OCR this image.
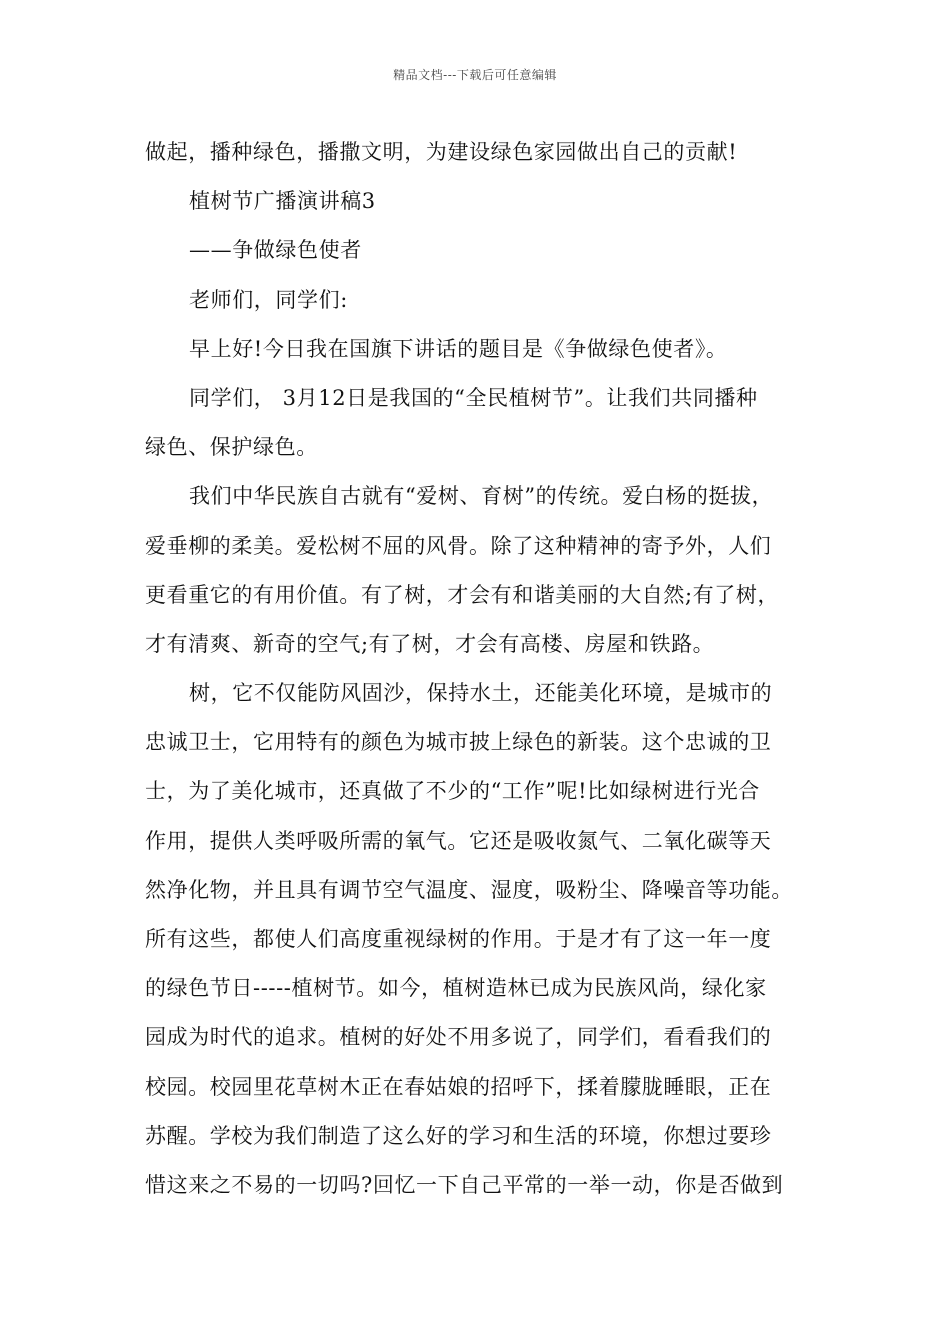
精品文档---下载后可任意编辑
做起，播种绿色，播撒文明，为建设绿色家园做出自己的贡献!
植树节广播演讲稿3
——争做绿色使者
老师们，同学们:
早上好!今日我在国旗下讲话的题目是《争做绿色使者》。
同学们， 3月12日是我国的“全民植树节”。让我们共同播种
绿色、保护绿色。
我们中华民族自古就有“爱树、育树”的传统。爱白杨的挺拔，
爱垂柳的柔美。爱松树不屈的风骨。除了这种精神的寄予外，人们
更看重它的有用价值。有了树，才会有和谐美丽的大自然;有了树，
才有清爽、新奇的空气;有了树，才会有高楼、房屋和铁路。
树，它不仅能防风固沙，保持水土，还能美化环境，是城市的
忠诚卫士，它用特有的颜色为城市披上绿色的新装。这个忠诚的卫
士，为了美化城市，还真做了不少的“工作”呢!比如绿树进行光合
作用，提供人类呼吸所需的氧气。它还是吸收氮气、二氧化碳等天
然净化物，并且具有调节空气温度、湿度，吸粉尘、降噪音等功能。
所有这些，都使人们高度重视绿树的作用。于是才有了这一年一度
的绿色节日-----植树节。如今，植树造林已成为民族风尚，绿化家
园成为时代的追求。植树的好处不用多说了，同学们，看看我们的
校园。校园里花草树木正在春姑娘的招呼下，揉着朦胧睡眼，正在
苏醒。学校为我们制造了这么好的学习和生活的环境，你想过要珍
惜这来之不易的一切吗?回忆一下自己平常的一举一动，你是否做到
